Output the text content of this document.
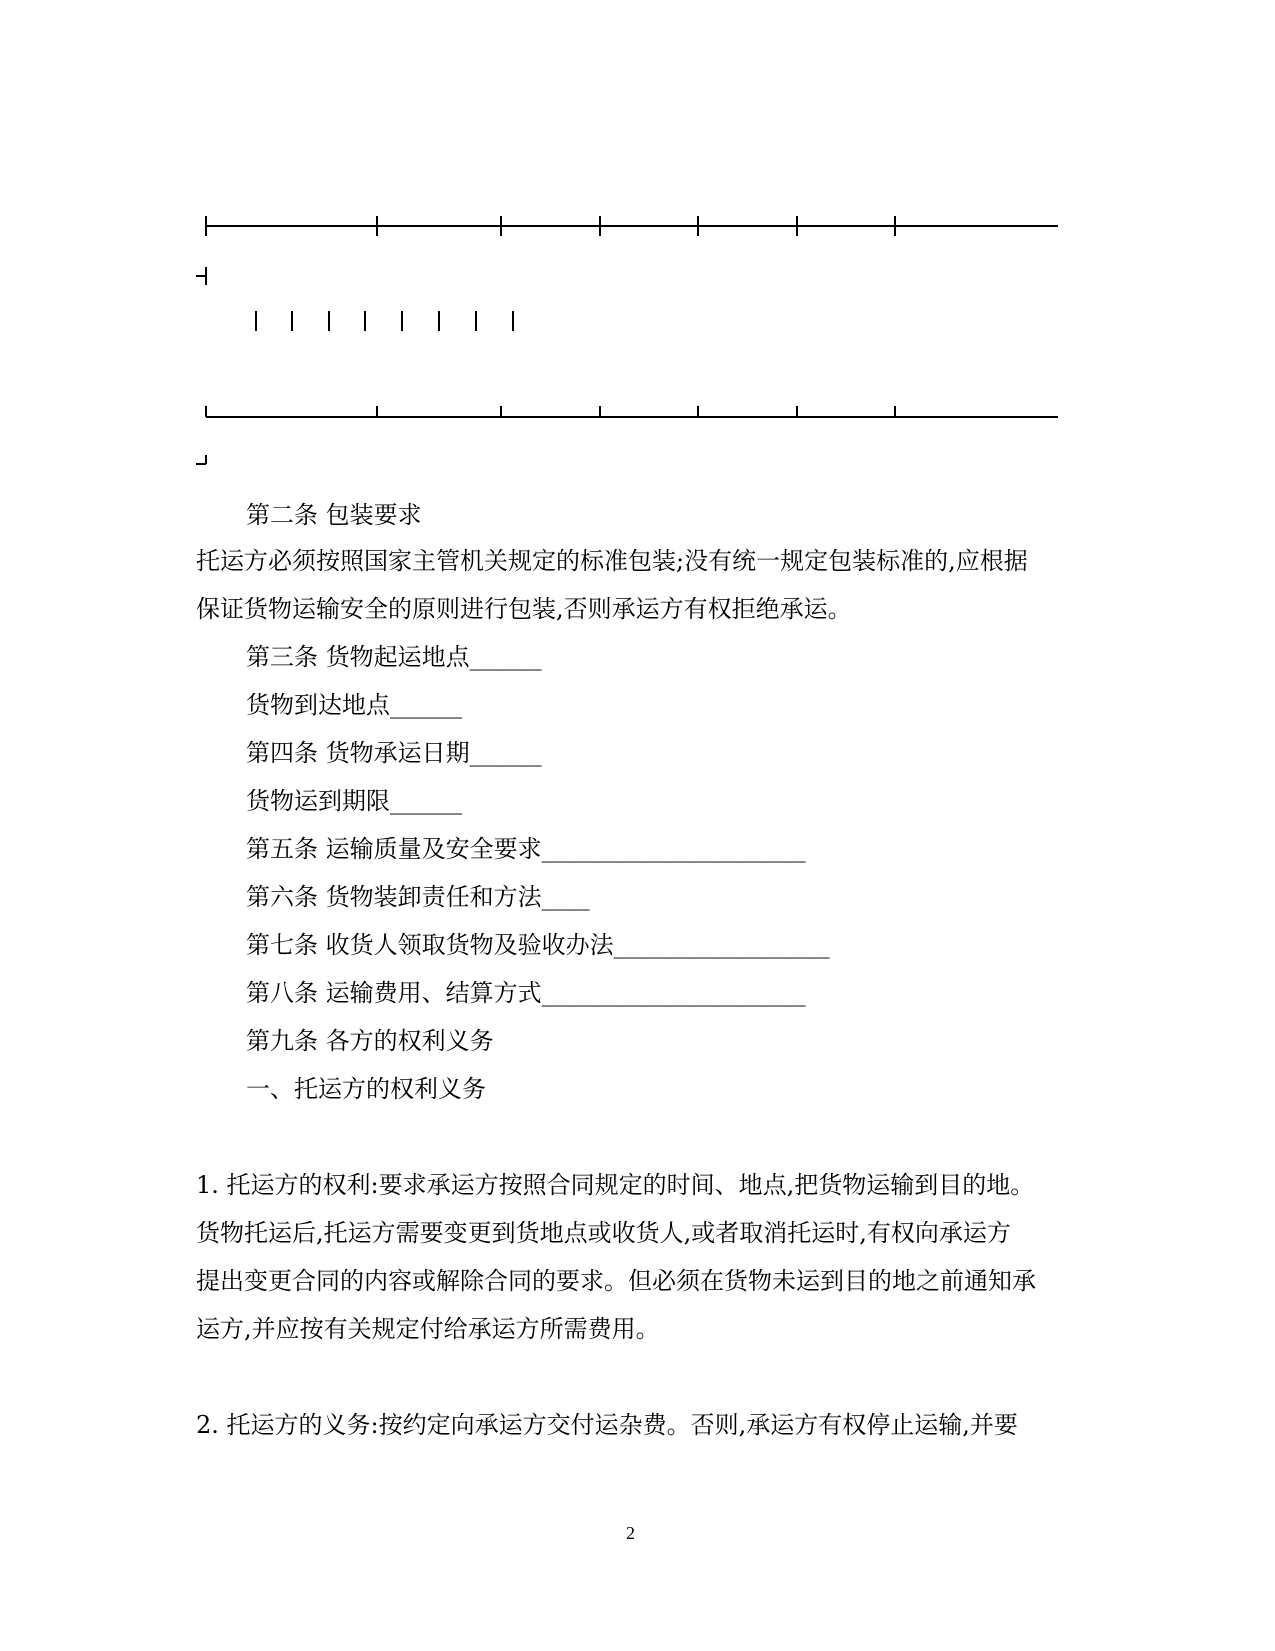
第二条 包装要求
托运方必须按照国家主管机关规定的标准包装;没有统一规定包装标准的,应根据
保证货物运输安全的原则进行包装,否则承运方有权拒绝承运。
第三条 货物起运地点______
货物到达地点______
第四条 货物承运日期______
货物运到期限______
第五条 运输质量及安全要求______________________
第六条 货物装卸责任和方法____
第七条 收货人领取货物及验收办法__________________
第八条 运输费用、结算方式______________________
第九条 各方的权利义务
一、托运方的权利义务
1. 托运方的权利:要求承运方按照合同规定的时间、地点,把货物运输到目的地。
货物托运后,托运方需要变更到货地点或收货人,或者取消托运时,有权向承运方
提出变更合同的内容或解除合同的要求。但必须在货物未运到目的地之前通知承
运方,并应按有关规定付给承运方所需费用。
2. 托运方的义务:按约定向承运方交付运杂费。否则,承运方有权停止运输,并要
2
